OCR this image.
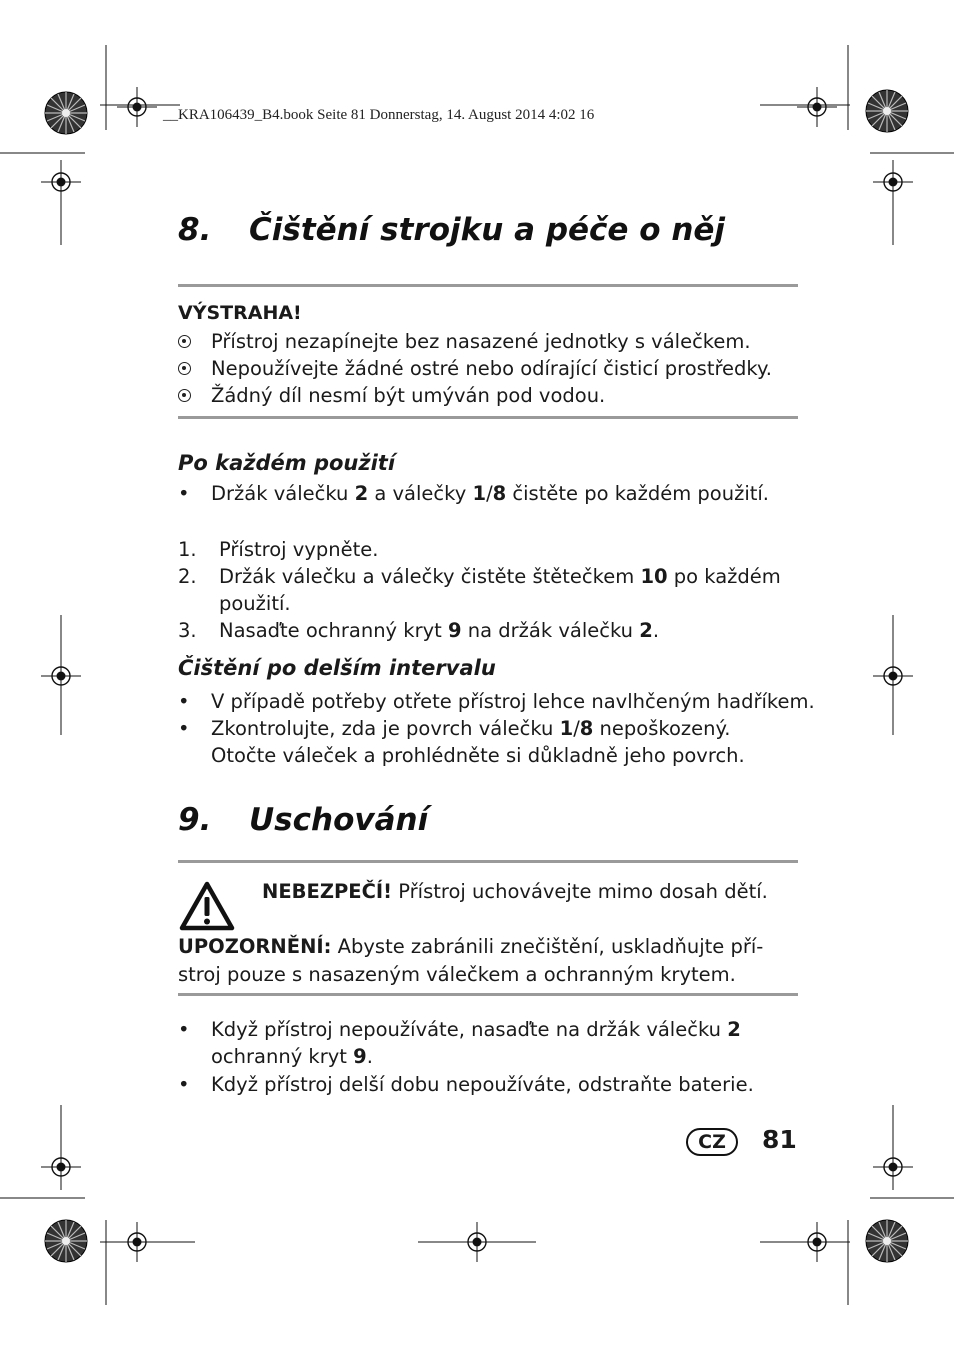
__KRA106439_B4.book Seite 81 Donnerstag, 14. August 2014 4:02 16
8. Čištění strojku a péče o něj
VÝSTRAHA!
Přístroj nezapínejte bez nasazené jednotky s válečkem.
Nepoužívejte žádné ostré nebo odírající čisticí prostředky.
Žádný díl nesmí být umýván pod vodou.
Po každém použití
• Držák válečku 2 a válečky 1/8 čistěte po každém použití.
1. Přístroj vypněte.
2. Držák válečku a válečky čistěte štětečkem 10 po každém
použití.
3. Nasaďte ochranný kryt 9 na držák válečku 2.
Čištění po delším intervalu
• V případě potřeby otřete přístroj lehce navlhčeným hadříkem.
• Zkontrolujte, zda je povrch válečku 1/8 nepoškozený.
Otočte váleček a prohlédněte si důkladně jeho povrch.
9. Uschování
NEBEZPEČÍ! Přístroj uchovávejte mimo dosah dětí.
UPOZORNĚNÍ: Abyste zabránili znečištění, uskladňujte pří-
stroj pouze s nasazeným válečkem a ochranným krytem.
• Když přístroj nepoužíváte, nasaďte na držák válečku 2
ochranný kryt 9.
• Když přístroj delší dobu nepoužíváte, odstraňte baterie.
CZ	81
